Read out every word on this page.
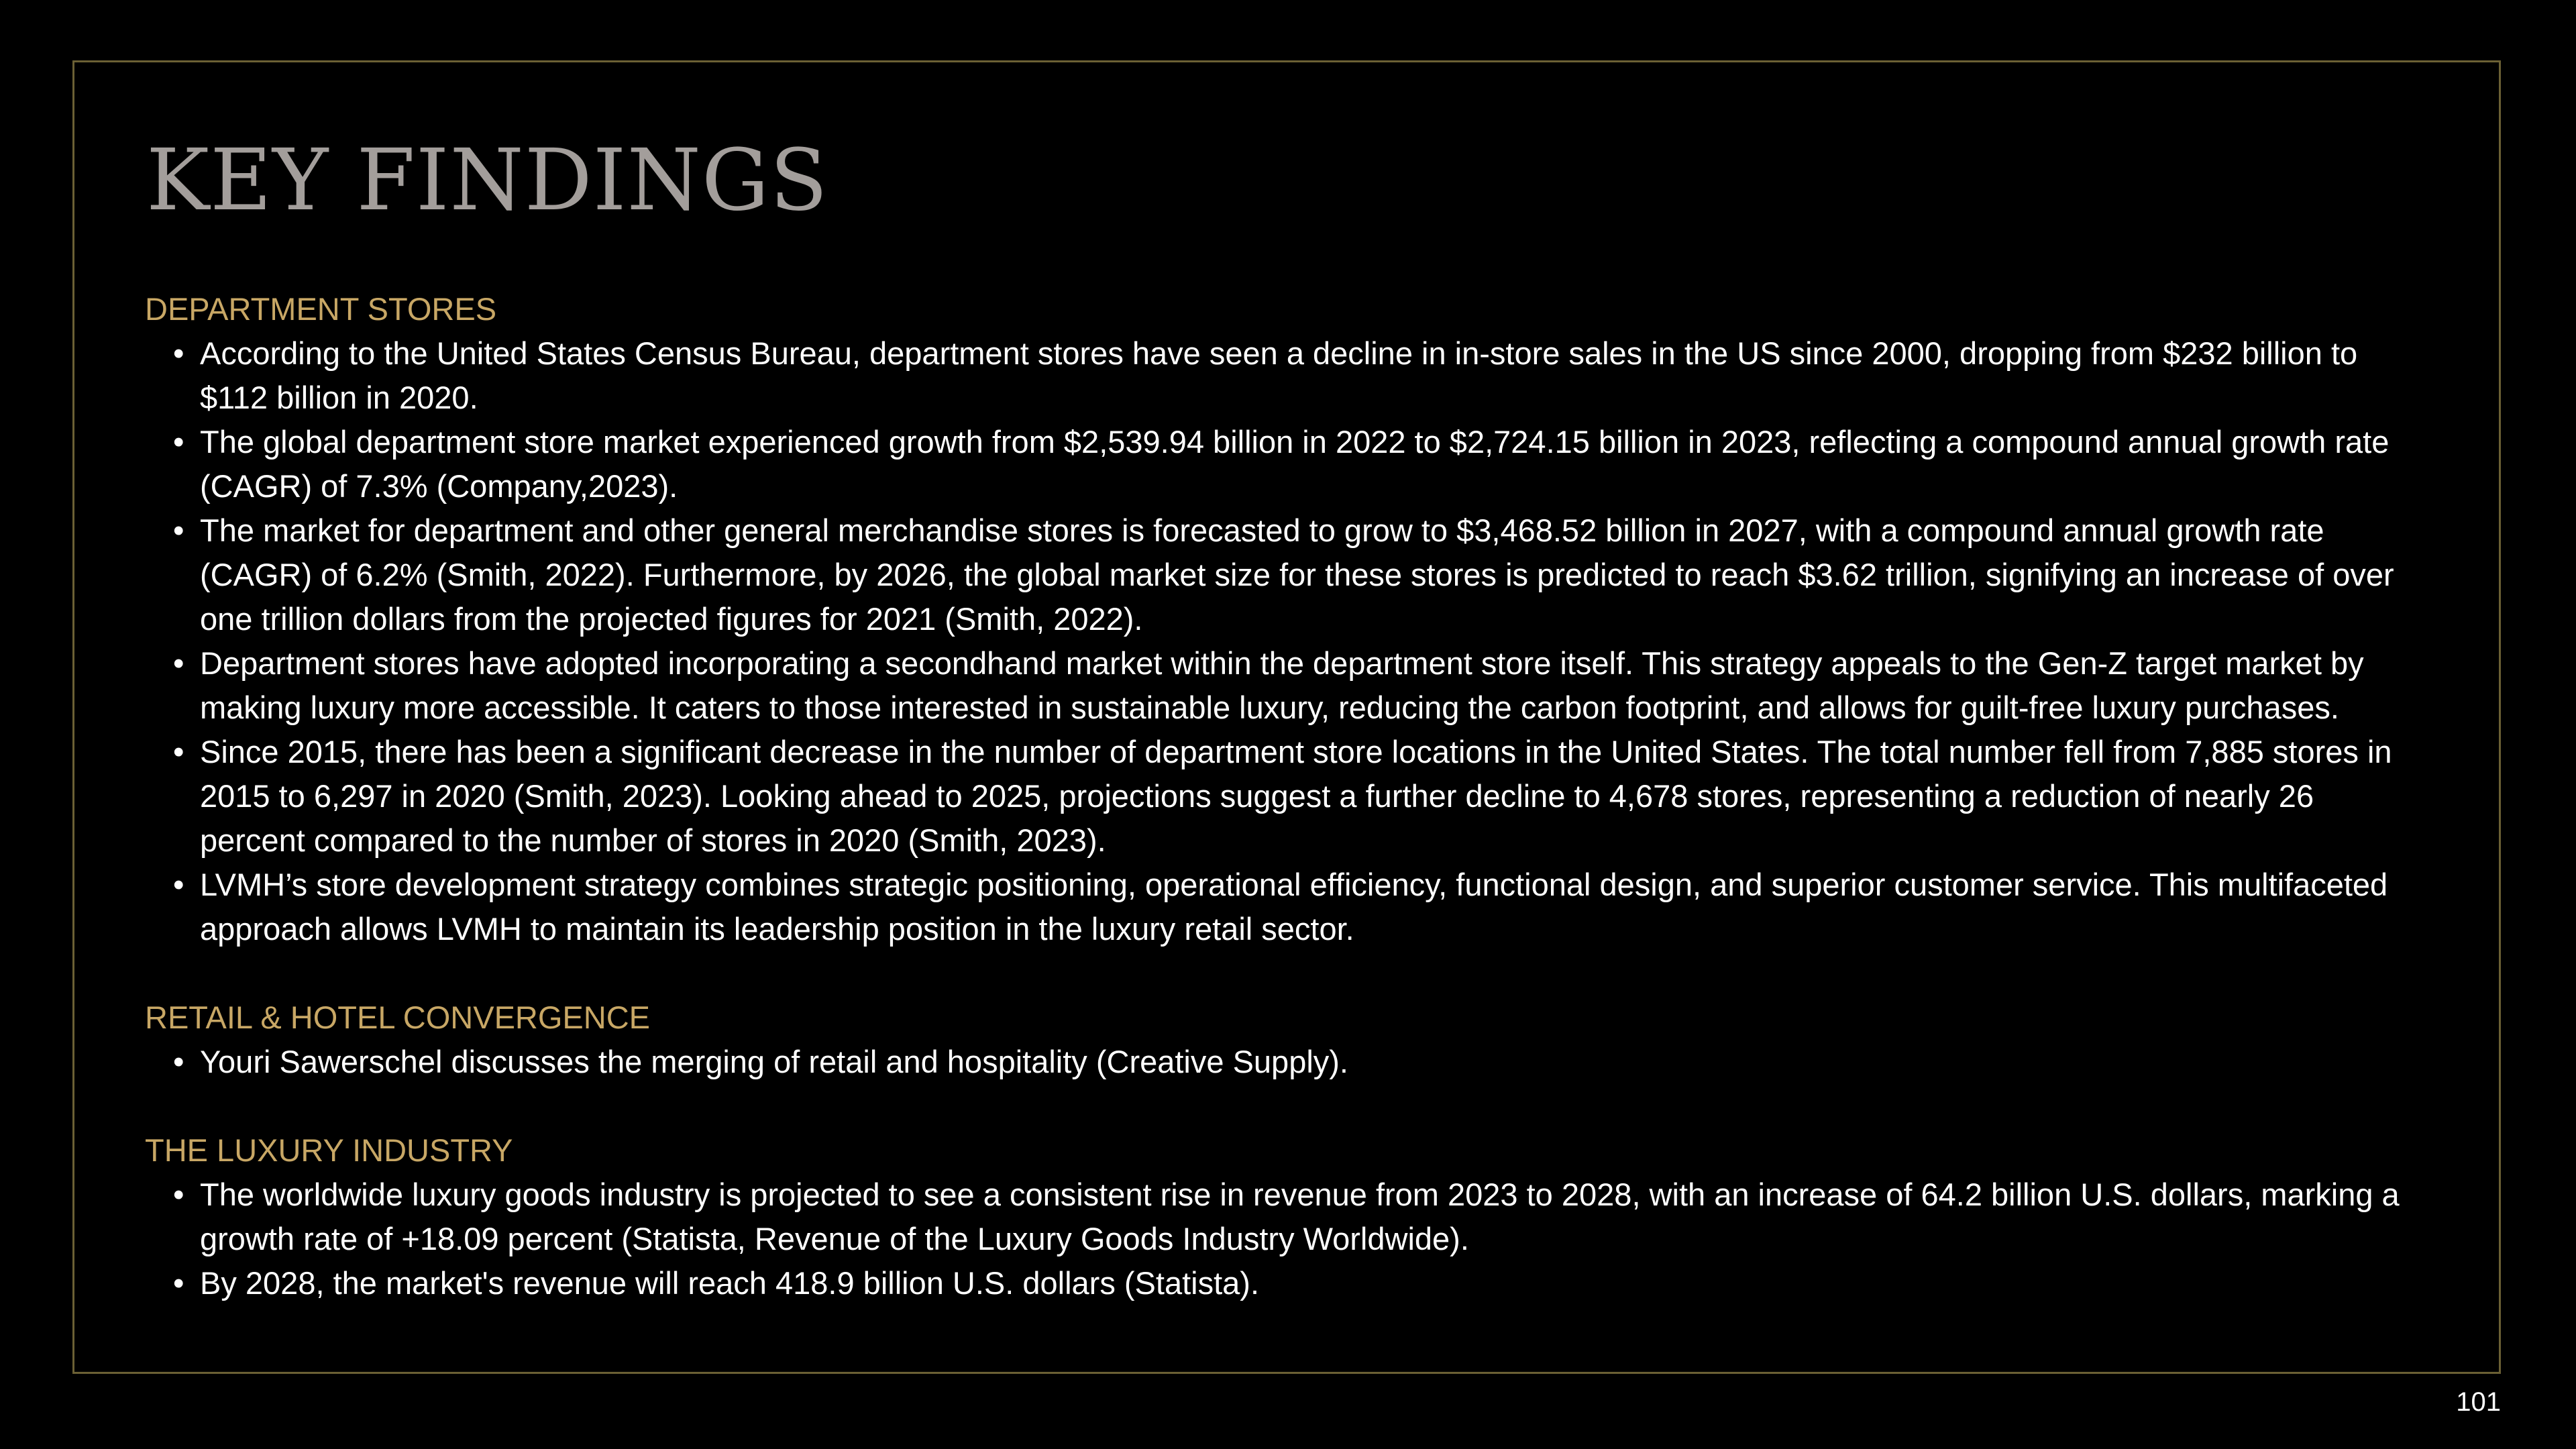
KEY FINDINGS

DEPARTMENT STORES

• According to the United States Census Bureau, department stores have seen a decline in in-store sales in the US since 2000, dropping from $232 billion to $112 billion in 2020.
• The global department store market experienced growth from $2,539.94 billion in 2022 to $2,724.15 billion in 2023, reflecting a compound annual growth rate (CAGR) of 7.3% (Company,2023).
• The market for department and other general merchandise stores is forecasted to grow to $3,468.52 billion in 2027, with a compound annual growth rate (CAGR) of 6.2% (Smith, 2022). Furthermore, by 2026, the global market size for these stores is predicted to reach $3.62 trillion, signifying an increase of over one trillion dollars from the projected figures for 2021 (Smith, 2022).
• Department stores have adopted incorporating a secondhand market within the department store itself. This strategy appeals to the Gen-Z target market by making luxury more accessible. It caters to those interested in sustainable luxury, reducing the carbon footprint, and allows for guilt-free luxury purchases.
• Since 2015, there has been a significant decrease in the number of department store locations in the United States. The total number fell from 7,885 stores in 2015 to 6,297 in 2020 (Smith, 2023). Looking ahead to 2025, projections suggest a further decline to 4,678 stores, representing a reduction of nearly 26 percent compared to the number of stores in 2020 (Smith, 2023).
• LVMH’s store development strategy combines strategic positioning, operational efficiency, functional design, and superior customer service. This multifaceted approach allows LVMH to maintain its leadership position in the luxury retail sector.

RETAIL & HOTEL CONVERGENCE

• Youri Sawerschel discusses the merging of retail and hospitality (Creative Supply).

THE LUXURY INDUSTRY

• The worldwide luxury goods industry is projected to see a consistent rise in revenue from 2023 to 2028, with an increase of 64.2 billion U.S. dollars, marking a growth rate of +18.09 percent (Statista, Revenue of the Luxury Goods Industry Worldwide).
• By 2028, the market's revenue will reach 418.9 billion U.S. dollars (Statista).
101
